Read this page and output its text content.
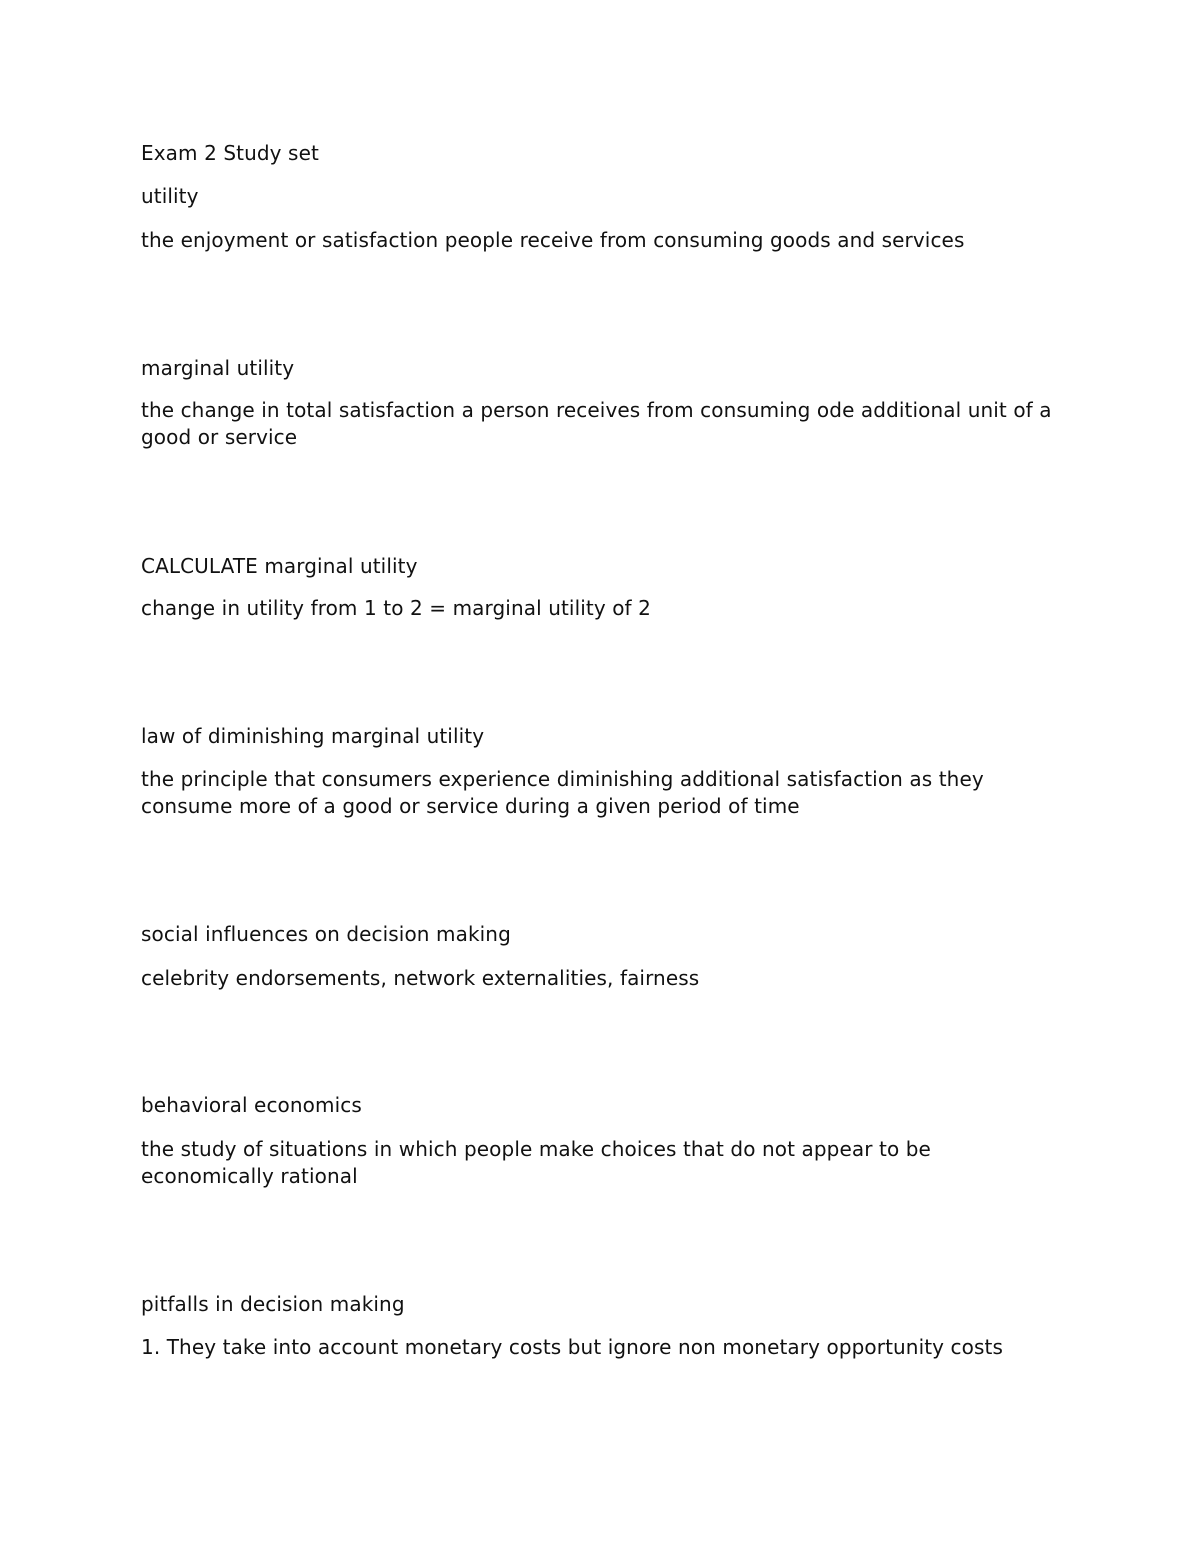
Exam 2 Study set
utility
the enjoyment or satisfaction people receive from consuming goods and services
marginal utility
the change in total satisfaction a person receives from consuming ode additional unit of a good or service
CALCULATE marginal utility
change in utility from 1 to 2 = marginal utility of 2
law of diminishing marginal utility
the principle that consumers experience diminishing additional satisfaction as they consume more of a good or service during a given period of time
social influences on decision making
celebrity endorsements, network externalities, fairness
behavioral economics
the study of situations in which people make choices that do not appear to be economically rational
pitfalls in decision making
1. They take into account monetary costs but ignore non monetary opportunity costs
